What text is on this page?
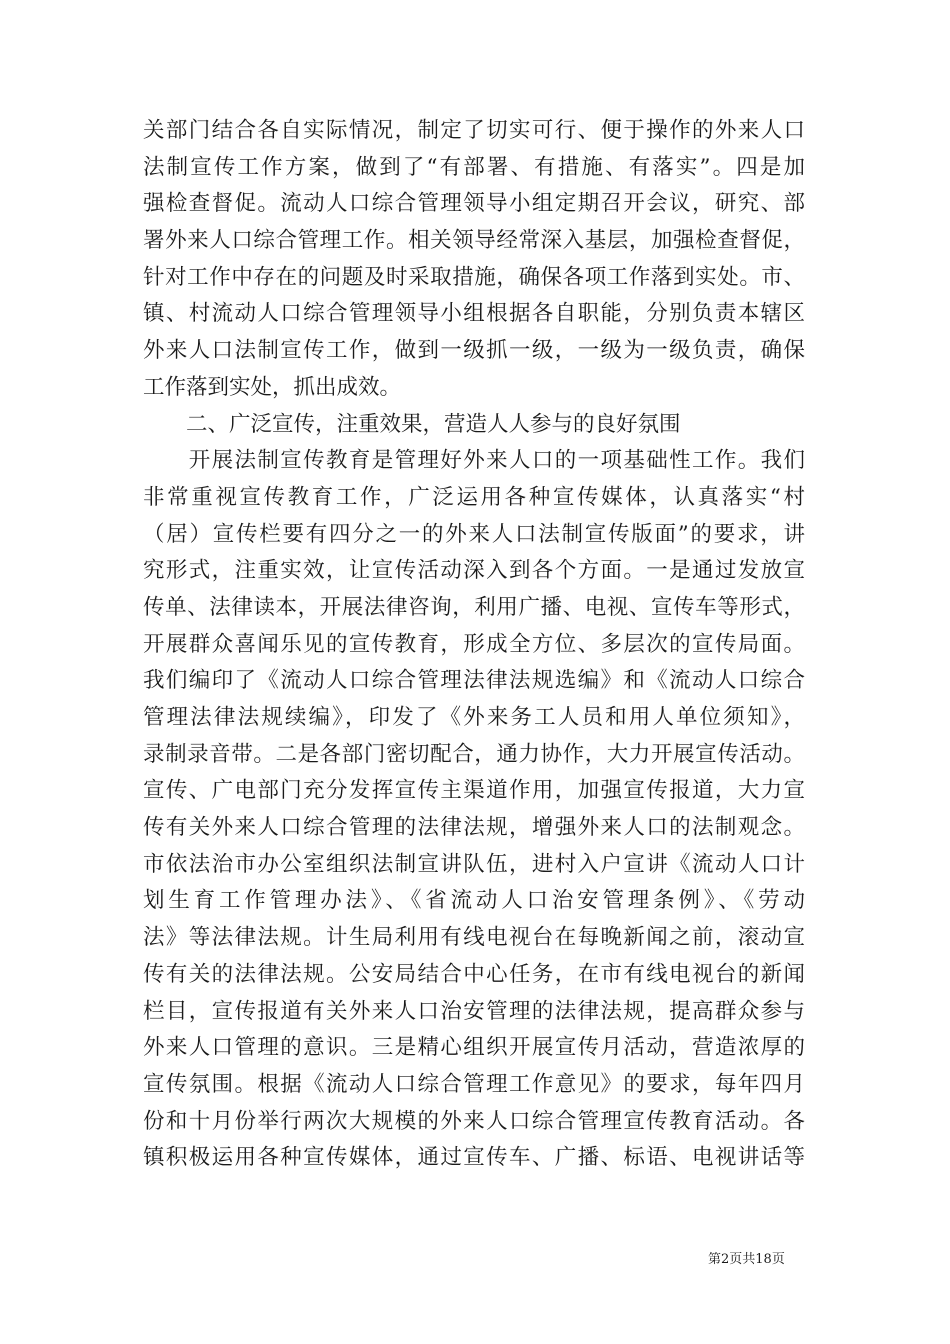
关部门结合各自实际情况，制定了切实可行、便于操作的外来人口
法制宣传工作方案，做到了“有部署、有措施、有落实”。四是加
强检查督促。流动人口综合管理领导小组定期召开会议，研究、部
署外来人口综合管理工作。相关领导经常深入基层，加强检查督促，
针对工作中存在的问题及时采取措施，确保各项工作落到实处。市、
镇、村流动人口综合管理领导小组根据各自职能，分别负责本辖区
外来人口法制宣传工作，做到一级抓一级，一级为一级负责，确保
工作落到实处，抓出成效。
　　二、广泛宣传，注重效果，营造人人参与的良好氛围
　　开展法制宣传教育是管理好外来人口的一项基础性工作。我们
非常重视宣传教育工作，广泛运用各种宣传媒体，认真落实“村
（居）宣传栏要有四分之一的外来人口法制宣传版面”的要求，讲
究形式，注重实效，让宣传活动深入到各个方面。一是通过发放宣
传单、法律读本，开展法律咨询，利用广播、电视、宣传车等形式，
开展群众喜闻乐见的宣传教育，形成全方位、多层次的宣传局面。
我们编印了《流动人口综合管理法律法规选编》和《流动人口综合
管理法律法规续编》，印发了《外来务工人员和用人单位须知》，
录制录音带。二是各部门密切配合，通力协作，大力开展宣传活动。
宣传、广电部门充分发挥宣传主渠道作用，加强宣传报道，大力宣
传有关外来人口综合管理的法律法规，增强外来人口的法制观念。
市依法治市办公室组织法制宣讲队伍，进村入户宣讲《流动人口计
划生育工作管理办法》、《省流动人口治安管理条例》、《劳动
法》等法律法规。计生局利用有线电视台在每晚新闻之前，滚动宣
传有关的法律法规。公安局结合中心任务，在市有线电视台的新闻
栏目，宣传报道有关外来人口治安管理的法律法规，提高群众参与
外来人口管理的意识。三是精心组织开展宣传月活动，营造浓厚的
宣传氛围。根据《流动人口综合管理工作意见》的要求，每年四月
份和十月份举行两次大规模的外来人口综合管理宣传教育活动。各
镇积极运用各种宣传媒体，通过宣传车、广播、标语、电视讲话等
第2页共18页
